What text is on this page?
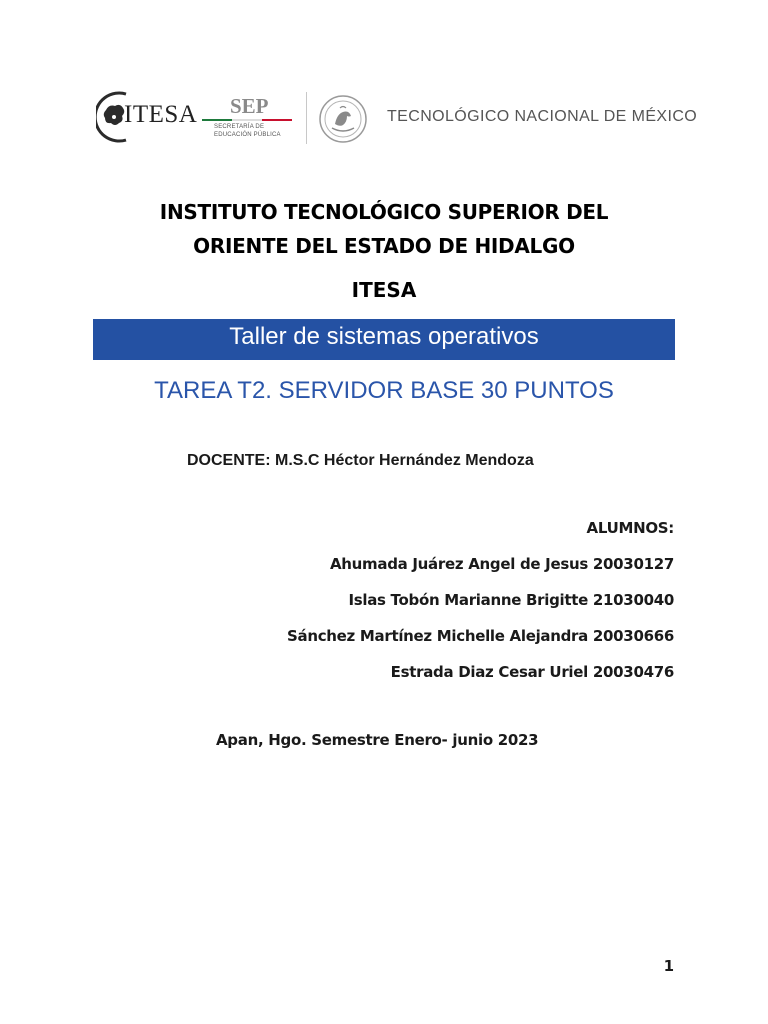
ITESA SEP
SECRETARÍA DE
EDUCACIÓN PÚBLICA
TECNOLÓGICO NACIONAL DE MÉXICO
INSTITUTO TECNOLÓGICO SUPERIOR DEL
ORIENTE DEL ESTADO DE HIDALGO
ITESA
Taller de sistemas operativos
TAREA T2. SERVIDOR BASE 30 PUNTOS
DOCENTE: M.S.C Héctor Hernández Mendoza
ALUMNOS:
Ahumada Juárez Angel de Jesus 20030127
Islas Tobón Marianne Brigitte 21030040
Sánchez Martínez Michelle Alejandra 20030666
Estrada Diaz Cesar Uriel 20030476
Apan, Hgo. Semestre Enero- junio 2023
1
